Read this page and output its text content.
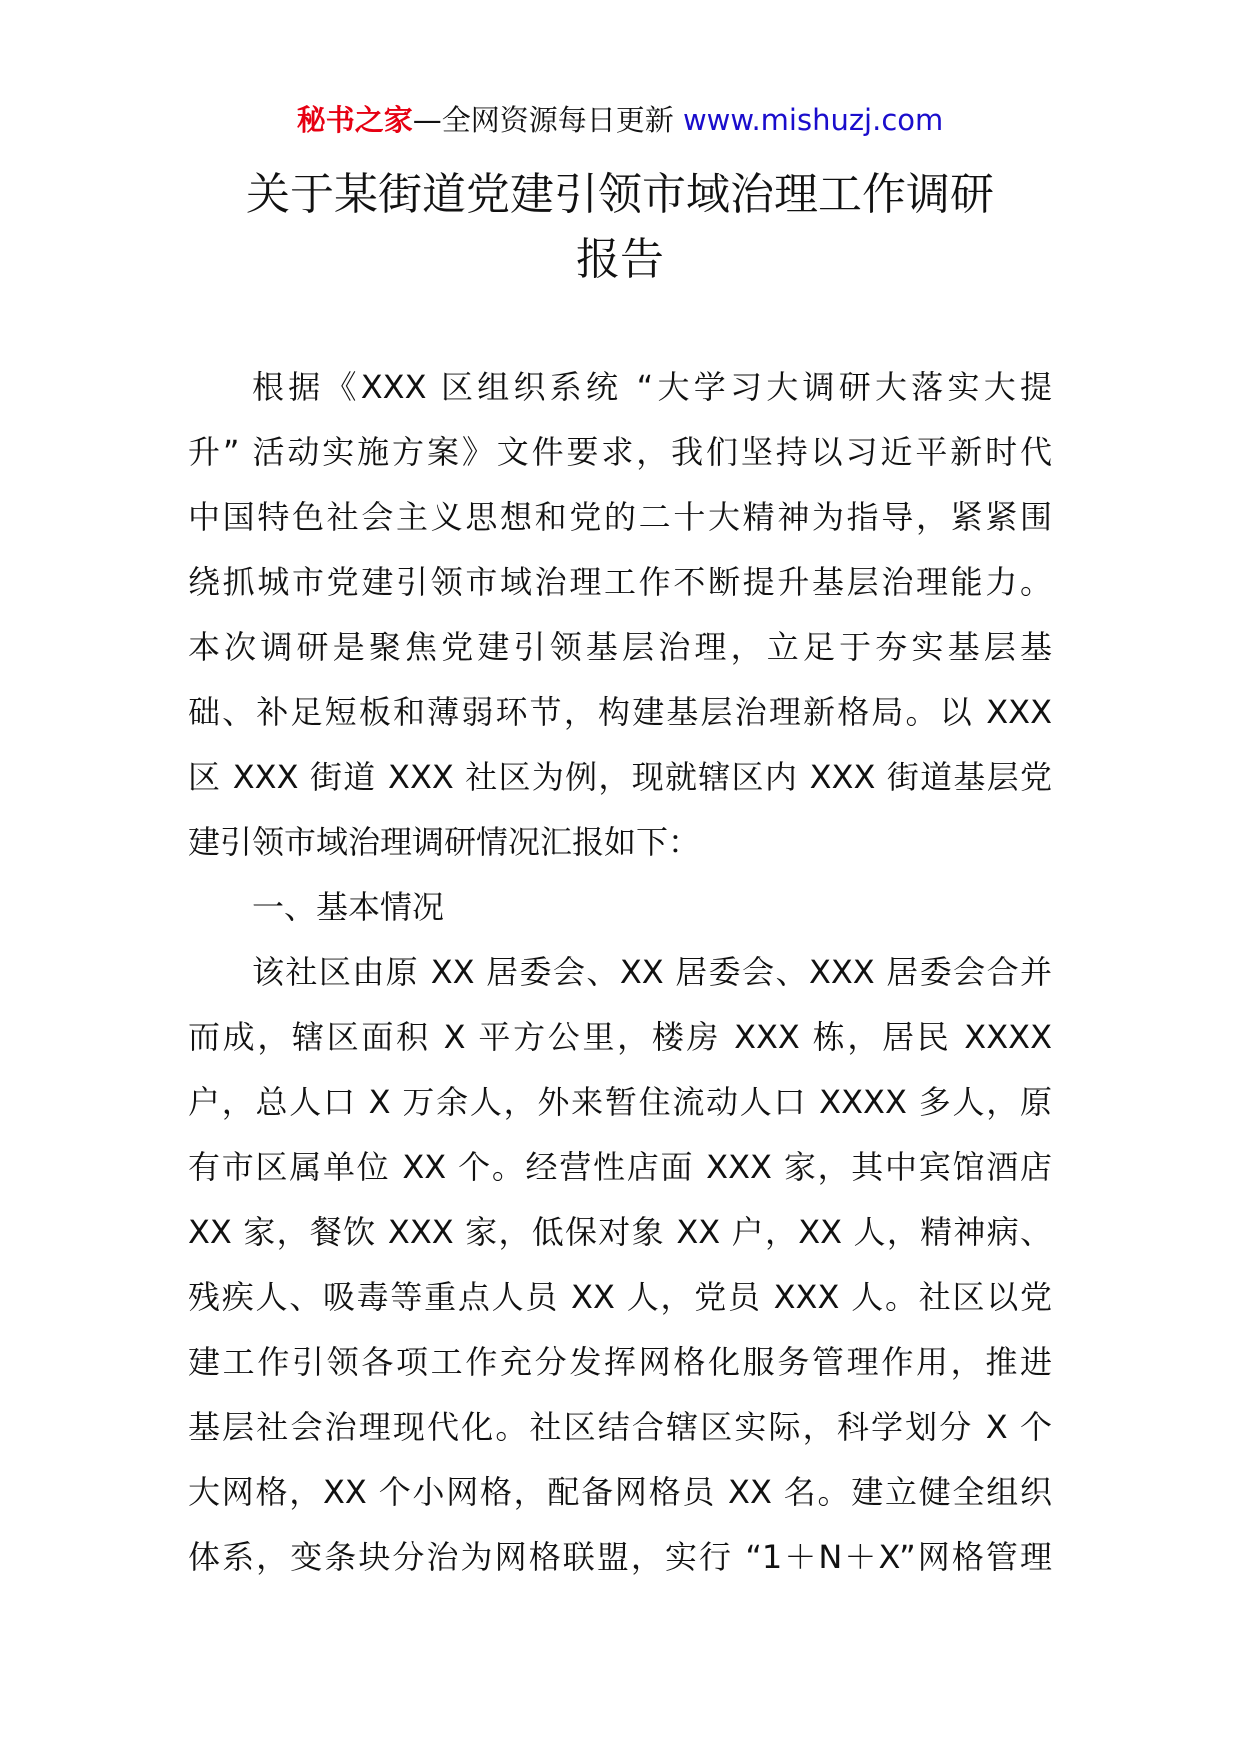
秘书之家—全网资源每日更新 www.mishuzj.com
关于某街道党建引领市域治理工作调研
报告
根据《XXX 区组织系统 “大学习大调研大落实大提
升” 活动实施方案》文件要求，我们坚持以习近平新时代
中国特色社会主义思想和党的二十大精神为指导，紧紧围
绕抓城市党建引领市域治理工作不断提升基层治理能力。
本次调研是聚焦党建引领基层治理，立足于夯实基层基
础、补足短板和薄弱环节，构建基层治理新格局。以 XXX
区 XXX 街道 XXX 社区为例，现就辖区内 XXX 街道基层党
建引领市域治理调研情况汇报如下：
一、基本情况
该社区由原 XX 居委会、XX 居委会、XXX 居委会合并
而成，辖区面积 X 平方公里，楼房 XXX 栋，居民 XXXX
户，总人口 X 万余人，外来暂住流动人口 XXXX 多人，原
有市区属单位 XX 个。经营性店面 XXX 家，其中宾馆酒店
XX 家，餐饮 XXX 家，低保对象 XX 户，XX 人，精神病、
残疾人、吸毒等重点人员 XX 人，党员 XXX 人。社区以党
建工作引领各项工作充分发挥网格化服务管理作用，推进
基层社会治理现代化。社区结合辖区实际，科学划分 X 个
大网格，XX 个小网格，配备网格员 XX 名。建立健全组织
体系，变条块分治为网格联盟，实行 “1＋N＋X”网格管理
